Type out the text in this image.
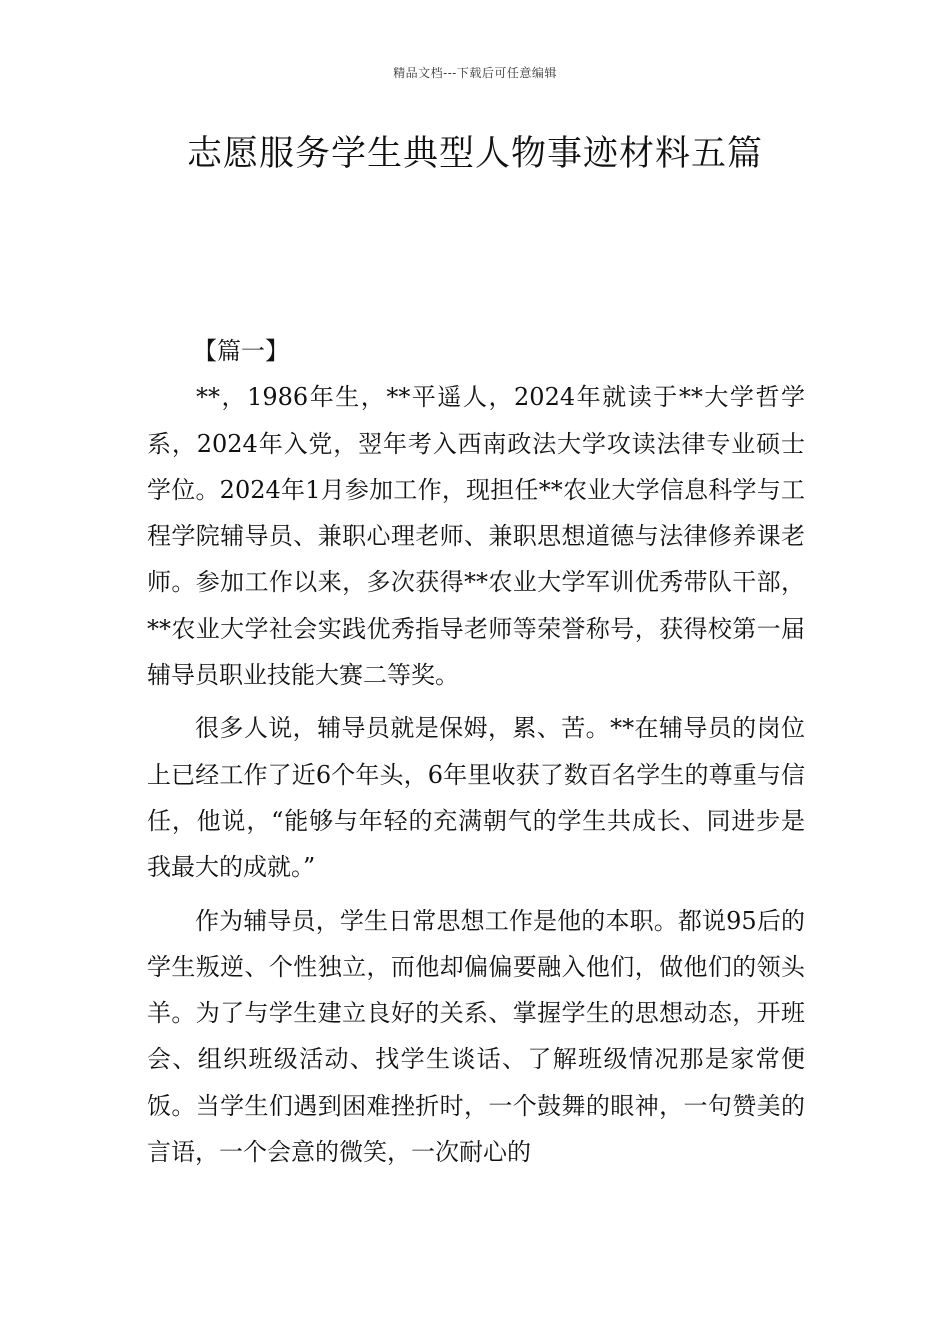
精品文档---下载后可任意编辑
志愿服务学生典型人物事迹材料五篇

【篇一】

**，1986年生，**平遥人，2024年就读于**大学哲学系，2024年入党，翌年考入西南政法大学攻读法律专业硕士学位。2024年1月参加工作，现担任**农业大学信息科学与工程学院辅导员、兼职心理老师、兼职思想道德与法律修养课老师。参加工作以来，多次获得**农业大学军训优秀带队干部，**农业大学社会实践优秀指导老师等荣誉称号，获得校第一届辅导员职业技能大赛二等奖。

很多人说，辅导员就是保姆，累、苦。**在辅导员的岗位上已经工作了近6个年头，6年里收获了数百名学生的尊重与信任，他说，“能够与年轻的充满朝气的学生共成长、同进步是我最大的成就。”

作为辅导员，学生日常思想工作是他的本职。都说95后的学生叛逆、个性独立，而他却偏偏要融入他们，做他们的领头羊。为了与学生建立良好的关系、掌握学生的思想动态，开班会、组织班级活动、找学生谈话、了解班级情况那是家常便饭。当学生们遇到困难挫折时，一个鼓舞的眼神，一句赞美的言语，一个会意的微笑，一次耐心的
